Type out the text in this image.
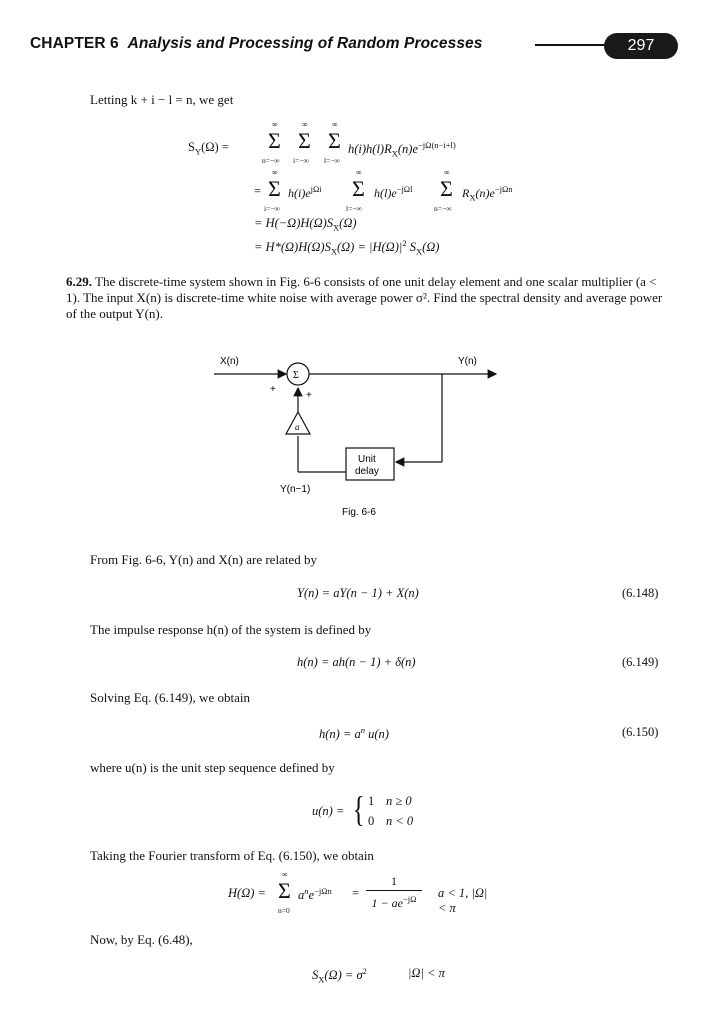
CHAPTER 6 Analysis and Processing of Random Processes	297
Letting k + i − l = n, we get
$S_Y(\Omega)$ =
∞	∞	∞
Σ Σ Σ
n=−∞ i=−∞ l=−∞
$h(i)h(l)R_X(n)e^{-j\Omega(n-i+l)}$
=
∞
Σ
i=−∞
$h(i)e^{j\Omega i}$
∞
Σ
l=−∞
$h(l)e^{-j\Omega l}$
∞
Σ
n=−∞
$R_X(n)e^{-j\Omega n}$
= $H(-\Omega)H(\Omega)S_X(\Omega)$
= $H*(\Omega)H(\Omega)S_X(\Omega) = |H(\Omega)|^2$ $S_X(\Omega)$
6.29. The discrete-time system shown in Fig. 6-6 consists of one unit delay element and one scalar multiplier (a < 1). The input X(n) is discrete-time white noise with average power σ². Find the spectral density and average power of the output Y(n).
X(n)	Y(n)
Σ
+
+
Unit
delay
a
Y(n−1)
Fig. 6-6
From Fig. 6-6, Y(n) and X(n) are related by
Y(n) = aY(n − 1) + X(n)	(6.148)
The impulse response h(n) of the system is defined by
h(n) = ah(n − 1) + δ(n)	(6.149)
Solving Eq. (6.149), we obtain
$h(n) = a^n$ u(n)	(6.150)
where u(n) is the unit step sequence defined by
u(n) = { 1 n ≥ 0
0 n < 0
Taking the Fourier transform of Eq. (6.150), we obtain
H(Ω) =
∞
Σ
n=0
$a^ne^{-j\Omega n}$ =
1
$1 - ae^{-j\Omega}$	a < 1, |Ω| < π
Now, by Eq. (6.48),
$S_X(\Omega) = \sigma^2$	|Ω| < π
